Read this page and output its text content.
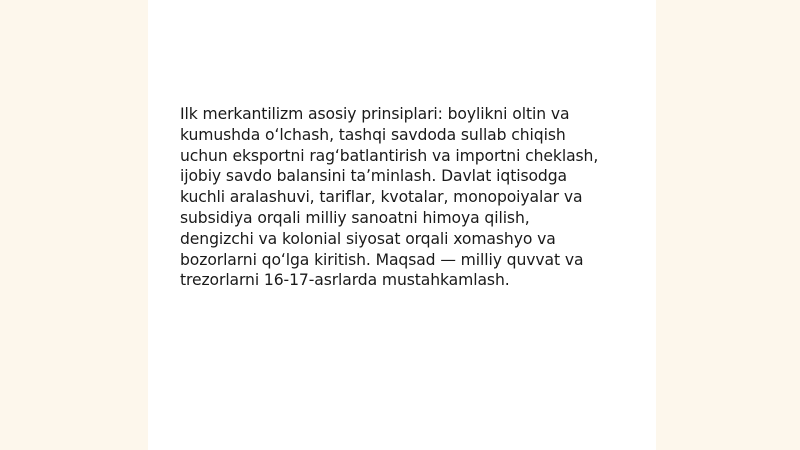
Ilk merkantilizm asosiy prinsiplari: boylikni oltin va
kumushda oʻlchash, tashqi savdoda sullab chiqish
uchun eksportni ragʻbatlantirish va importni cheklash,
ijobiy savdo balansini taʼminlash. Davlat iqtisodga
kuchli aralashuvi, tariflar, kvotalar, monopoiyalar va
subsidiya orqali milliy sanoatni himoya qilish,
dengizchi va kolonial siyosat orqali xomashyo va
bozorlarni qoʻlga kiritish. Maqsad — milliy quvvat va
trezorlarni 16-17-asrlarda mustahkamlash.
